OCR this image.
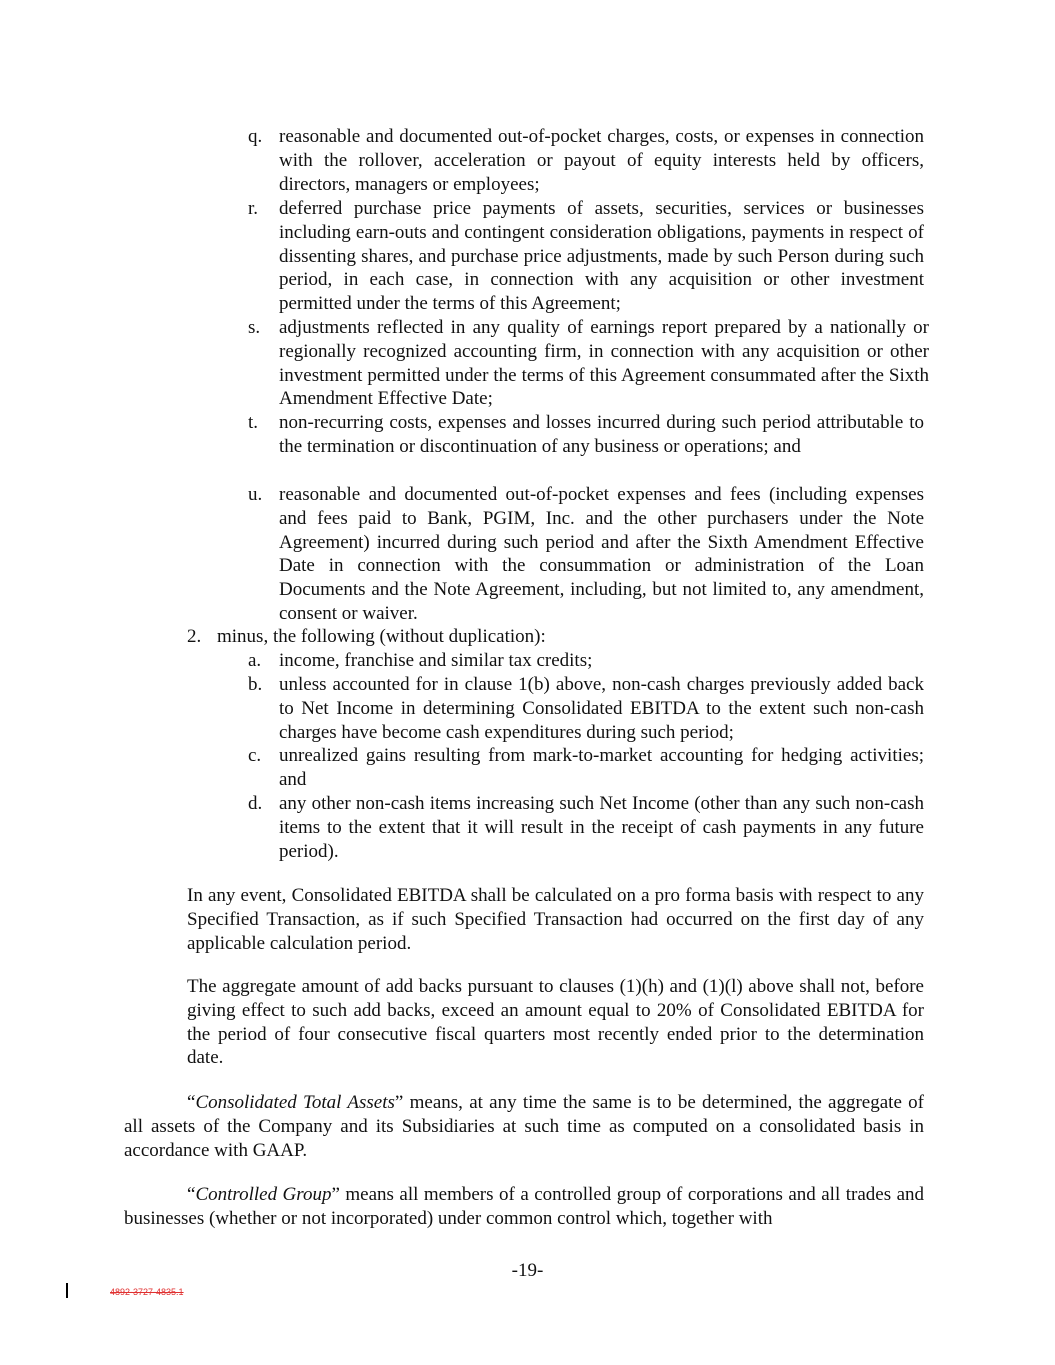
q. reasonable and documented out-of-pocket charges, costs, or expenses in connection with the rollover, acceleration or payout of equity interests held by officers, directors, managers or employees;
r. deferred purchase price payments of assets, securities, services or businesses including earn-outs and contingent consideration obligations, payments in respect of dissenting shares, and purchase price adjustments, made by such Person during such period, in each case, in connection with any acquisition or other investment permitted under the terms of this Agreement;
s. adjustments reflected in any quality of earnings report prepared by a nationally or regionally recognized accounting firm, in connection with any acquisition or other investment permitted under the terms of this Agreement consummated after the Sixth Amendment Effective Date;
t. non-recurring costs, expenses and losses incurred during such period attributable to the termination or discontinuation of any business or operations; and
u. reasonable and documented out-of-pocket expenses and fees (including expenses and fees paid to Bank, PGIM, Inc. and the other purchasers under the Note Agreement) incurred during such period and after the Sixth Amendment Effective Date in connection with the consummation or administration of the Loan Documents and the Note Agreement, including, but not limited to, any amendment, consent or waiver.
2. minus, the following (without duplication):
a. income, franchise and similar tax credits;
b. unless accounted for in clause 1(b) above, non-cash charges previously added back to Net Income in determining Consolidated EBITDA to the extent such non-cash charges have become cash expenditures during such period;
c. unrealized gains resulting from mark-to-market accounting for hedging activities; and
d. any other non-cash items increasing such Net Income (other than any such non-cash items to the extent that it will result in the receipt of cash payments in any future period).

In any event, Consolidated EBITDA shall be calculated on a pro forma basis with respect to any Specified Transaction, as if such Specified Transaction had occurred on the first day of any applicable calculation period.

The aggregate amount of add backs pursuant to clauses (1)(h) and (1)(l) above shall not, before giving effect to such add backs, exceed an amount equal to 20% of Consolidated EBITDA for the period of four consecutive fiscal quarters most recently ended prior to the determination date.

“Consolidated Total Assets” means, at any time the same is to be determined, the aggregate of all assets of the Company and its Subsidiaries at such time as computed on a consolidated basis in accordance with GAAP.

“Controlled Group” means all members of a controlled group of corporations and all trades and businesses (whether or not incorporated) under common control which, together with

-19-
4892-3727-4835.1
